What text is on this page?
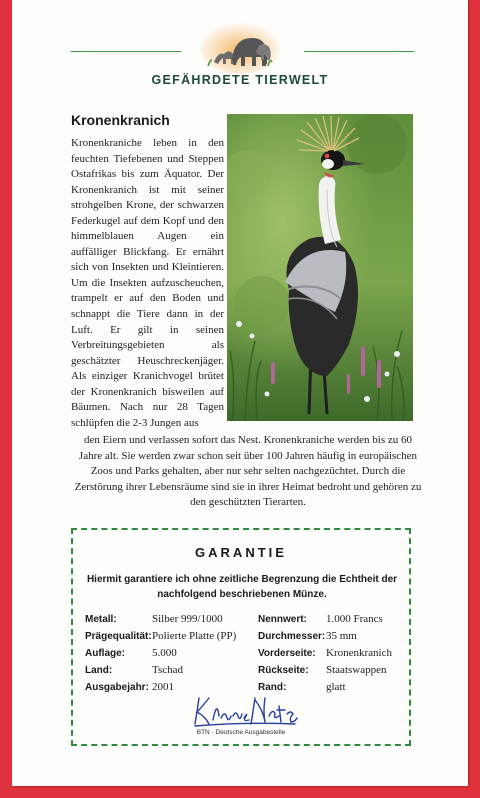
GEFÄHRDETE TIERWELT
Kronenkranich
Kronenkraniche leben in den feuchten Tiefebenen und Steppen Ostafrikas bis zum Äquator. Der Kronenkranich ist mit seiner strohgelben Krone, der schwarzen Federkugel auf dem Kopf und den himmelblauen Augen ein auffälliger Blickfang. Er ernährt sich von Insekten und Kleintieren. Um die Insekten aufzuscheuchen, trampelt er auf den Boden und schnappt die Tiere dann in der Luft. Er gilt in seinen Verbreitungsgebieten als geschätzter Heuschreckenjäger. Als einziger Kranichvogel brütet der Kronenkranich bisweilen auf Bäumen. Nach nur 28 Tagen schlüpfen die 2-3 Jungen aus
den Eiern und verlassen sofort das Nest. Kronenkraniche werden bis zu 60 Jahre alt. Sie werden zwar schon seit über 100 Jahren häufig in europäischen Zoos und Parks gehalten, aber nur sehr selten nachgezüchtet. Durch die Zerstörung ihrer Lebensräume sind sie in ihrer Heimat bedroht und gehören zu den geschützten Tierarten.
GARANTIE
Hiermit garantiere ich ohne zeitliche Begrenzung die Echtheit der nachfolgend beschriebenen Münze.
Metall:	Silber 999/1000
Prägequalität: Polierte Platte (PP)
Auflage: 5.000
Land:	Tschad
Ausgabejahr: 2001
Nennwert: 1.000 Francs
Durchmesser: 35 mm
Vorderseite: Kronenkranich
Rückseite: Staatswappen
Rand:	glatt
BTN · Deutsche Ausgabestelle
